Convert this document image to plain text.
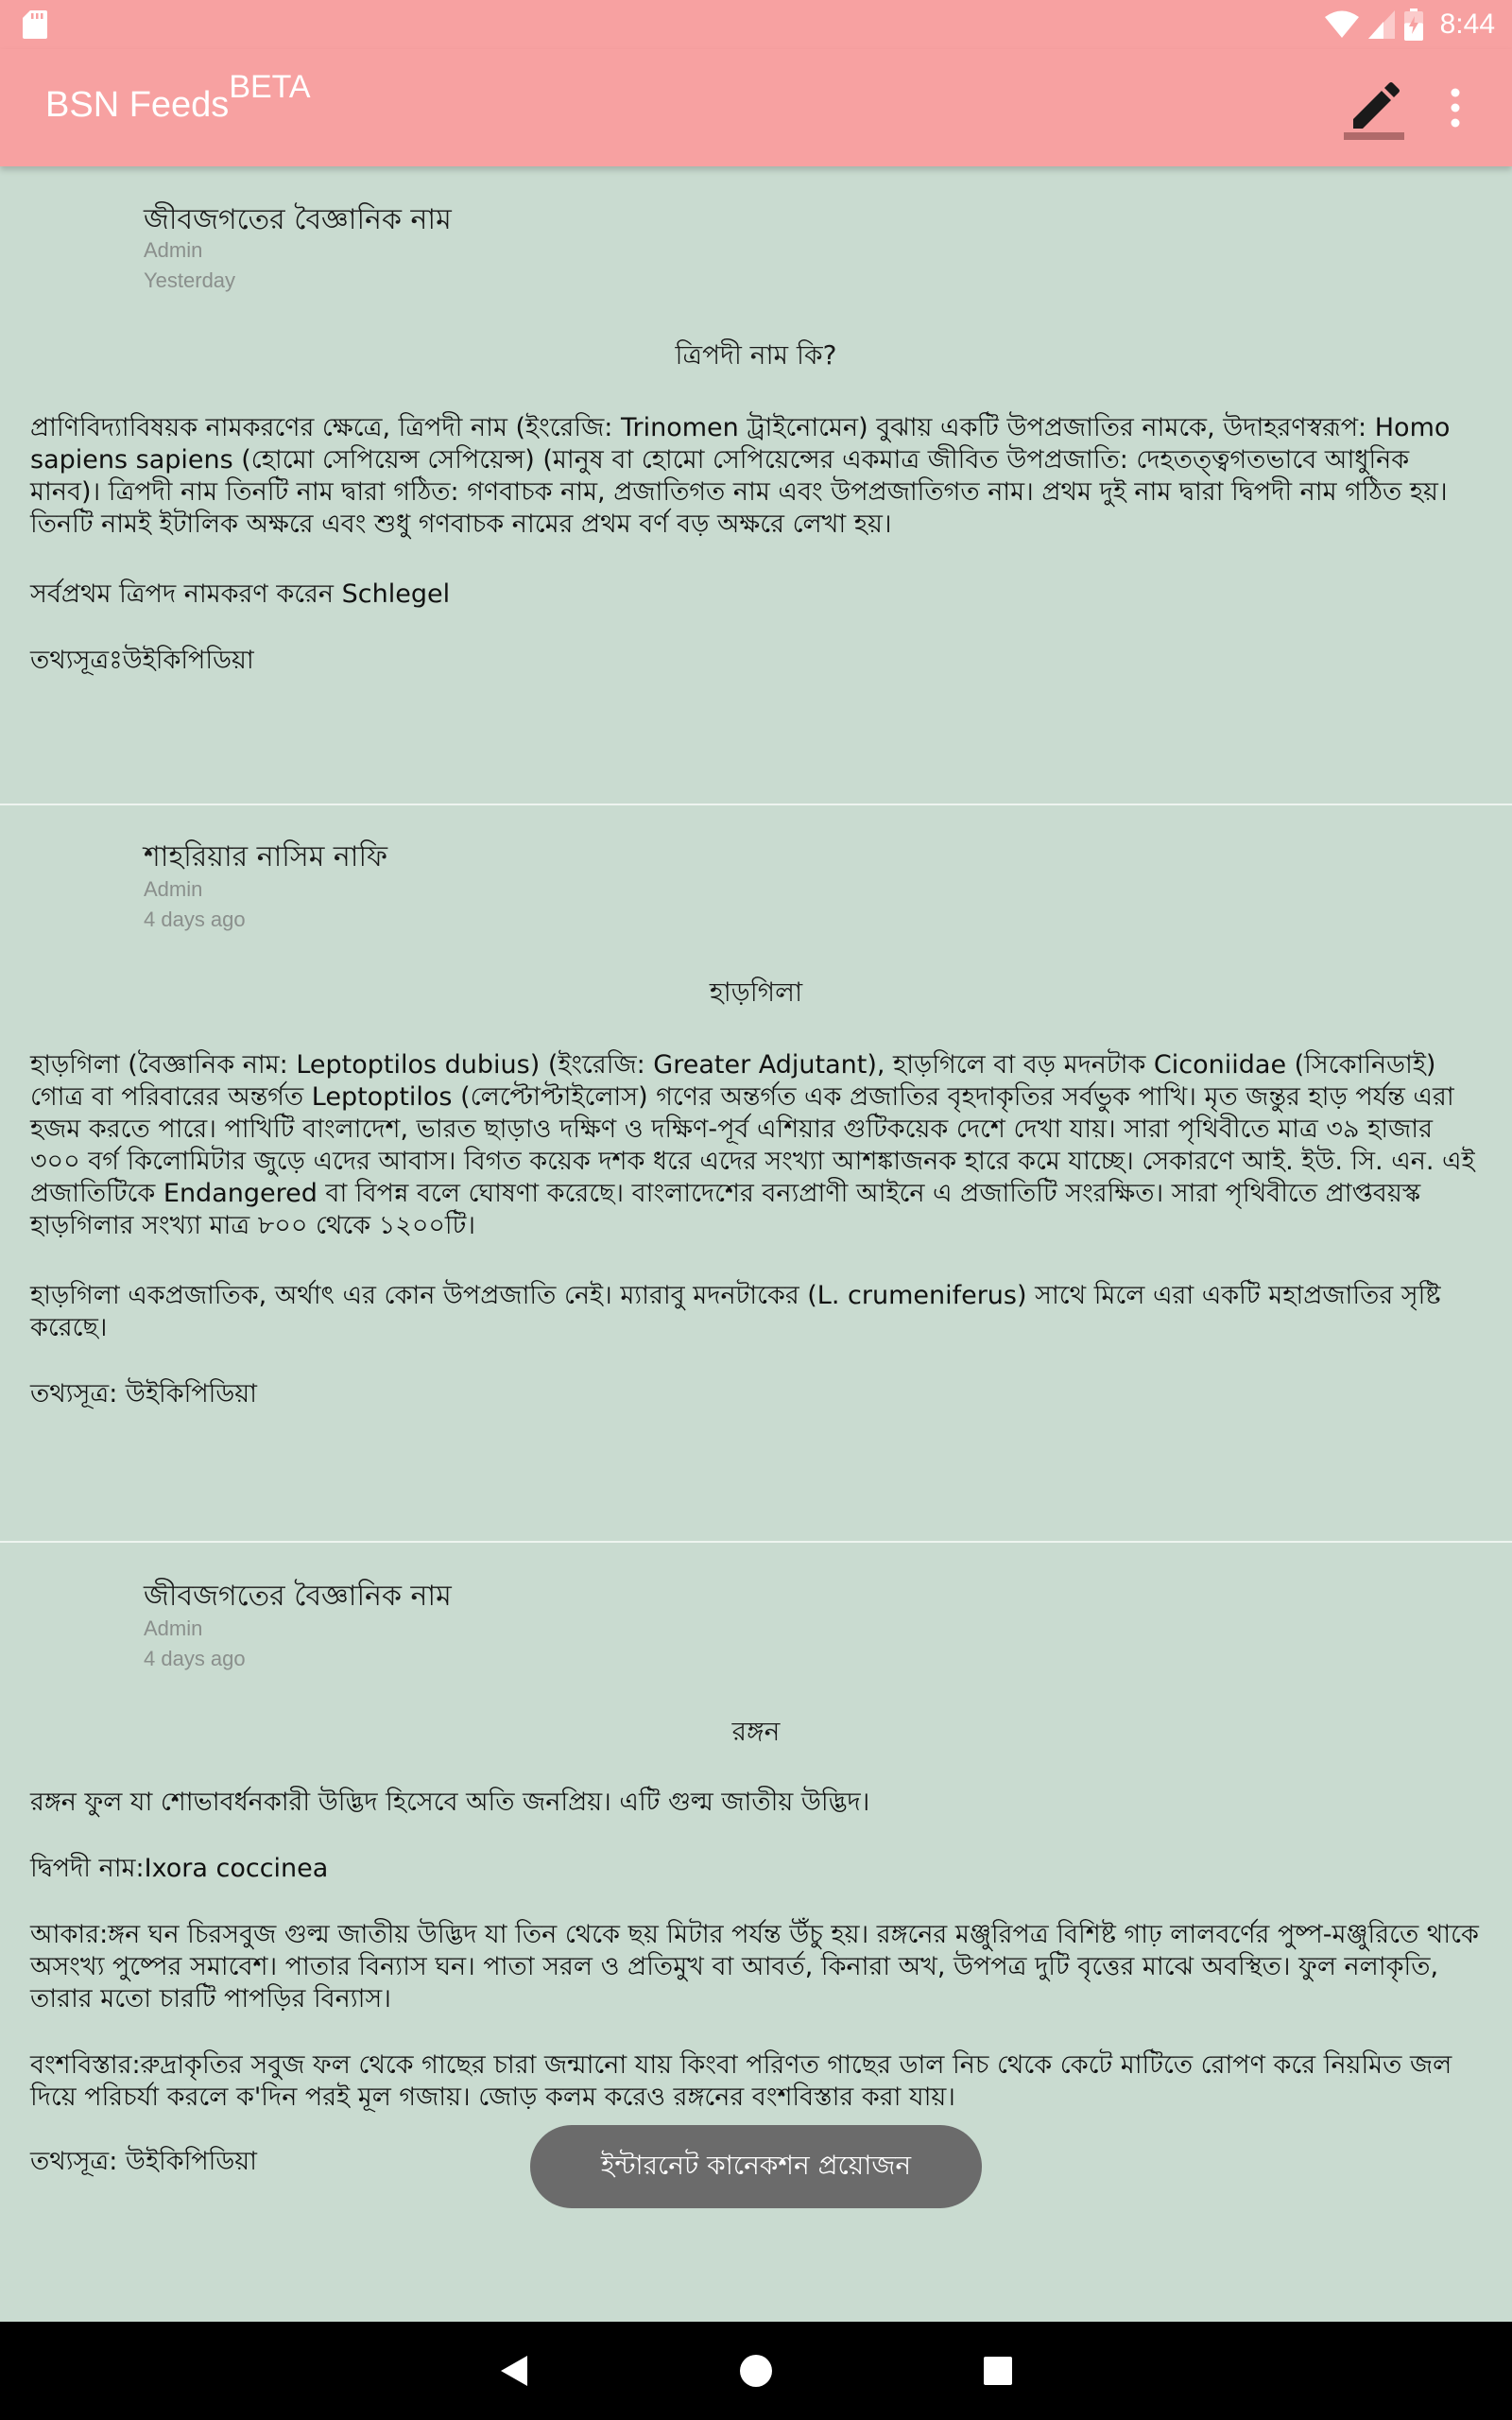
8:44
BSN Feeds$^{BETA}$
জীবজগতের বৈজ্ঞানিক নাম
Admin
Yesterday
ত্রিপদী নাম কি?

প্রাণিবিদ্যাবিষয়ক নামকরণের ক্ষেত্রে, ত্রিপদী নাম (ইংরেজি: Trinomen ট্রাইনোমেন) বুঝায় একটি উপপ্রজাতির নামকে, উদাহরণস্বরূপ: Homo sapiens sapiens (হোমো সেপিয়েন্স সেপিয়েন্স) (মানুষ বা হোমো সেপিয়েন্সের একমাত্র জীবিত উপপ্রজাতি: দেহতত্ত্বগতভাবে আধুনিক মানব)। ত্রিপদী নাম তিনটি নাম দ্বারা গঠিত: গণবাচক নাম, প্রজাতিগত নাম এবং উপপ্রজাতিগত নাম। প্রথম দুই নাম দ্বারা দ্বিপদী নাম গঠিত হয়। তিনটি নামই ইটালিক অক্ষরে এবং শুধু গণবাচক নামের প্রথম বর্ণ বড় অক্ষরে লেখা হয়।

সর্বপ্রথম ত্রিপদ নামকরণ করেন Schlegel

তথ্যসূত্রঃউইকিপিডিয়া

শাহরিয়ার নাসিম নাফি
Admin
4 days ago
হাড়গিলা

হাড়গিলা (বৈজ্ঞানিক নাম: Leptoptilos dubius) (ইংরেজি: Greater Adjutant), হাড়গিলে বা বড় মদনটাক Ciconiidae (সিকোনিডাই) গোত্র বা পরিবারের অন্তর্গত Leptoptilos (লেপ্টোপ্টাইলোস) গণের অন্তর্গত এক প্রজাতির বৃহদাকৃতির সর্বভুক পাখি। মৃত জন্তুর হাড় পর্যন্ত এরা হজম করতে পারে। পাখিটি বাংলাদেশ, ভারত ছাড়াও দক্ষিণ ও দক্ষিণ-পূর্ব এশিয়ার গুটিকয়েক দেশে দেখা যায়। সারা পৃথিবীতে মাত্র ৩৯ হাজার ৩০০ বর্গ কিলোমিটার জুড়ে এদের আবাস। বিগত কয়েক দশক ধরে এদের সংখ্যা আশঙ্কাজনক হারে কমে যাচ্ছে। সেকারণে আই. ইউ. সি. এন. এই প্রজাতিটিকে Endangered বা বিপন্ন বলে ঘোষণা করেছে। বাংলাদেশের বন্যপ্রাণী আইনে এ প্রজাতিটি সংরক্ষিত। সারা পৃথিবীতে প্রাপ্তবয়স্ক হাড়গিলার সংখ্যা মাত্র ৮০০ থেকে ১২০০টি।

হাড়গিলা একপ্রজাতিক, অর্থাৎ এর কোন উপপ্রজাতি নেই। ম্যারাবু মদনটাকের (L. crumeniferus) সাথে মিলে এরা একটি মহাপ্রজাতির সৃষ্টি করেছে।

তথ্যসূত্র: উইকিপিডিয়া

জীবজগতের বৈজ্ঞানিক নাম
Admin
4 days ago
রঙ্গন

রঙ্গন ফুল যা শোভাবর্ধনকারী উদ্ভিদ হিসেবে অতি জনপ্রিয়। এটি গুল্ম জাতীয় উদ্ভিদ।

দ্বিপদী নাম:Ixora coccinea

আকার:ঙ্গন ঘন চিরসবুজ গুল্ম জাতীয় উদ্ভিদ যা তিন থেকে ছয় মিটার পর্যন্ত উঁচু হয়। রঙ্গনের মঞ্জুরিপত্র বিশিষ্ট গাঢ় লালবর্ণের পুষ্প-মঞ্জুরিতে থাকে অসংখ্য পুষ্পের সমাবেশ। পাতার বিন্যাস ঘন। পাতা সরল ও প্রতিমুখ বা আবর্ত, কিনারা অখ, উপপত্র দুটি বৃত্তের মাঝে অবস্থিত। ফুল নলাকৃতি, তারার মতো চারটি পাপড়ির বিন্যাস।

বংশবিস্তার:রুদ্রাকৃতির সবুজ ফল থেকে গাছের চারা জন্মানো যায় কিংবা পরিণত গাছের ডাল নিচ থেকে কেটে মাটিতে রোপণ করে নিয়মিত জল দিয়ে পরিচর্যা করলে ক'দিন পরই মূল গজায়। জোড় কলম করেও রঙ্গনের বংশবিস্তার করা যায়।

তথ্যসূত্র: উইকিপিডিয়া	ইন্টারনেট কানেকশন প্রয়োজন
